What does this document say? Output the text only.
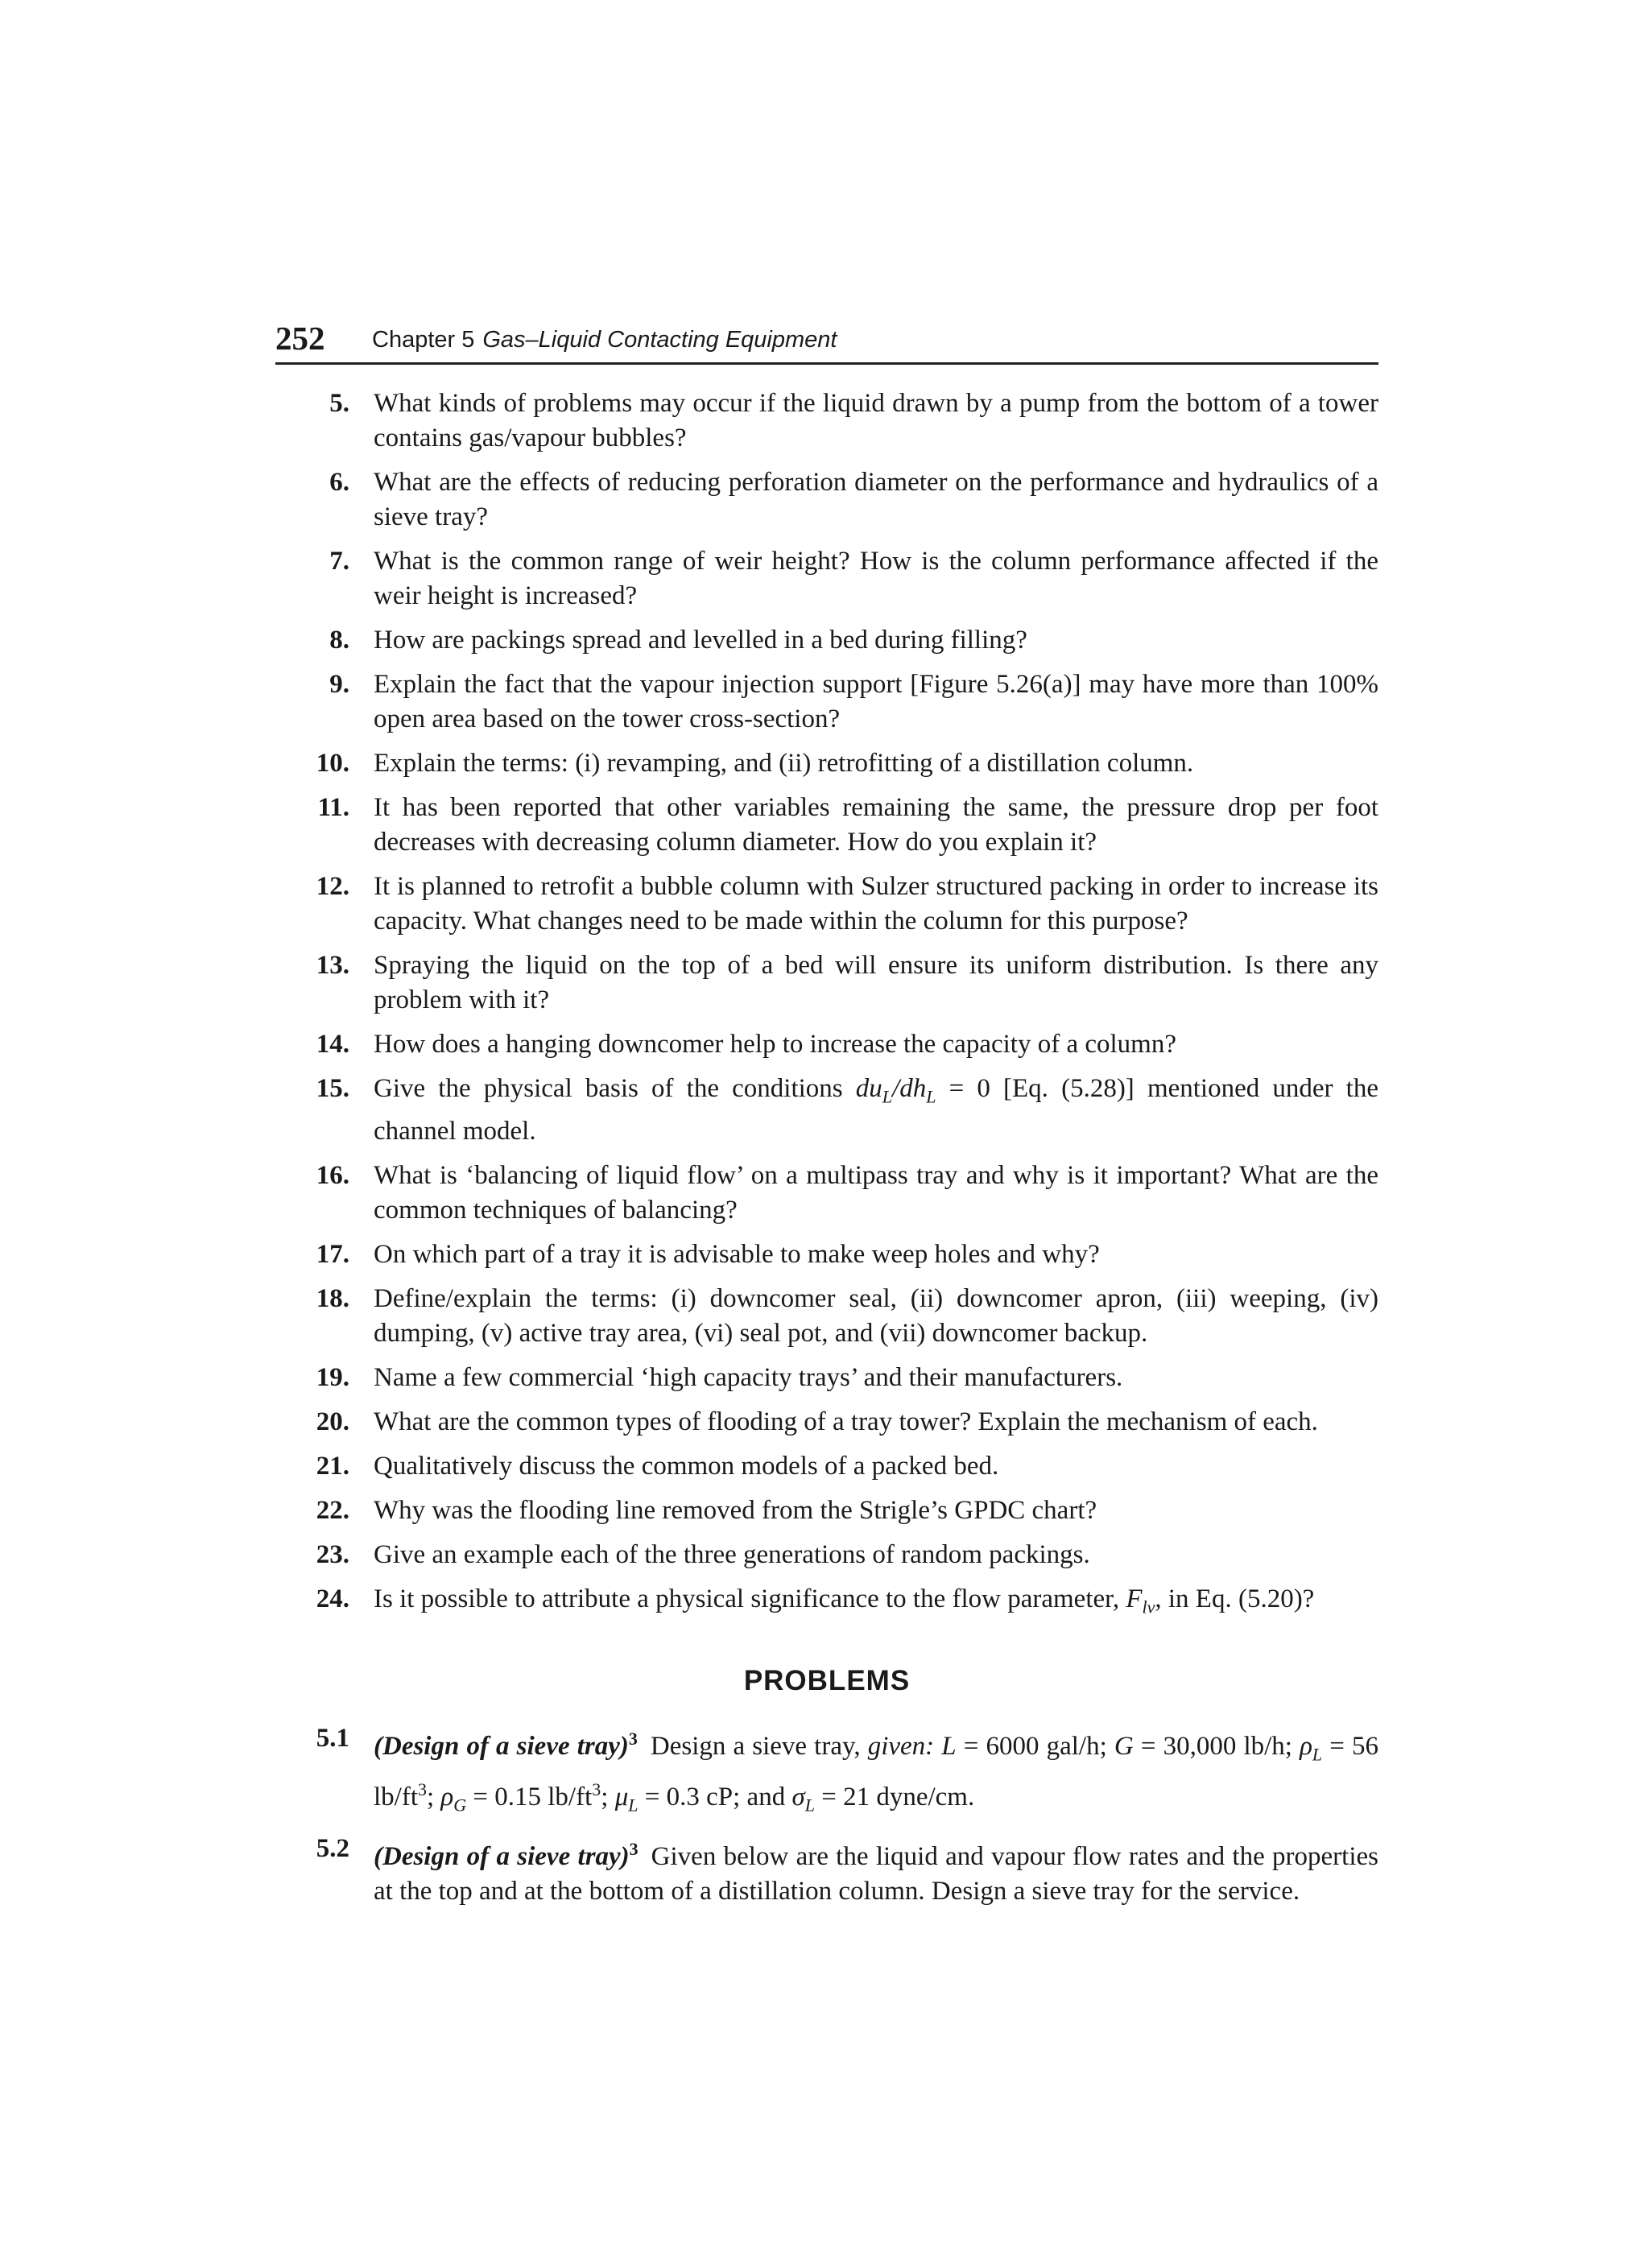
252 Chapter 5 Gas–Liquid Contacting Equipment
5. What kinds of problems may occur if the liquid drawn by a pump from the bottom of a tower contains gas/vapour bubbles?
6. What are the effects of reducing perforation diameter on the performance and hydraulics of a sieve tray?
7. What is the common range of weir height? How is the column performance affected if the weir height is increased?
8. How are packings spread and levelled in a bed during filling?
9. Explain the fact that the vapour injection support [Figure 5.26(a)] may have more than 100% open area based on the tower cross-section?
10. Explain the terms: (i) revamping, and (ii) retrofitting of a distillation column.
11. It has been reported that other variables remaining the same, the pressure drop per foot decreases with decreasing column diameter. How do you explain it?
12. It is planned to retrofit a bubble column with Sulzer structured packing in order to increase its capacity. What changes need to be made within the column for this purpose?
13. Spraying the liquid on the top of a bed will ensure its uniform distribution. Is there any problem with it?
14. How does a hanging downcomer help to increase the capacity of a column?
15. Give the physical basis of the conditions $du_L/dh_L = 0$ [Eq. (5.28)] mentioned under the channel model.
16. What is ‘balancing of liquid flow’ on a multipass tray and why is it important? What are the common techniques of balancing?
17. On which part of a tray it is advisable to make weep holes and why?
18. Define/explain the terms: (i) downcomer seal, (ii) downcomer apron, (iii) weeping, (iv) dumping, (v) active tray area, (vi) seal pot, and (vii) downcomer backup.
19. Name a few commercial ‘high capacity trays’ and their manufacturers.
20. What are the common types of flooding of a tray tower? Explain the mechanism of each.
21. Qualitatively discuss the common models of a packed bed.
22. Why was the flooding line removed from the Strigle’s GPDC chart?
23. Give an example each of the three generations of random packings.
24. Is it possible to attribute a physical significance to the flow parameter, $F_{lv}$, in Eq. (5.20)?
PROBLEMS
5.1 (Design of a sieve tray)$^3$ Design a sieve tray, given: L = 6000 gal/h; G = 30,000 lb/h; $\rho_L = 56$ $lb/ft^3$; $\rho_G = 0.15$ $lb/ft^3$; $\mu_L = 0.3$ cP; and $\sigma_L = 21$ dyne/cm.
5.2 (Design of a sieve tray)$^3$ Given below are the liquid and vapour flow rates and the properties at the top and at the bottom of a distillation column. Design a sieve tray for the service.
